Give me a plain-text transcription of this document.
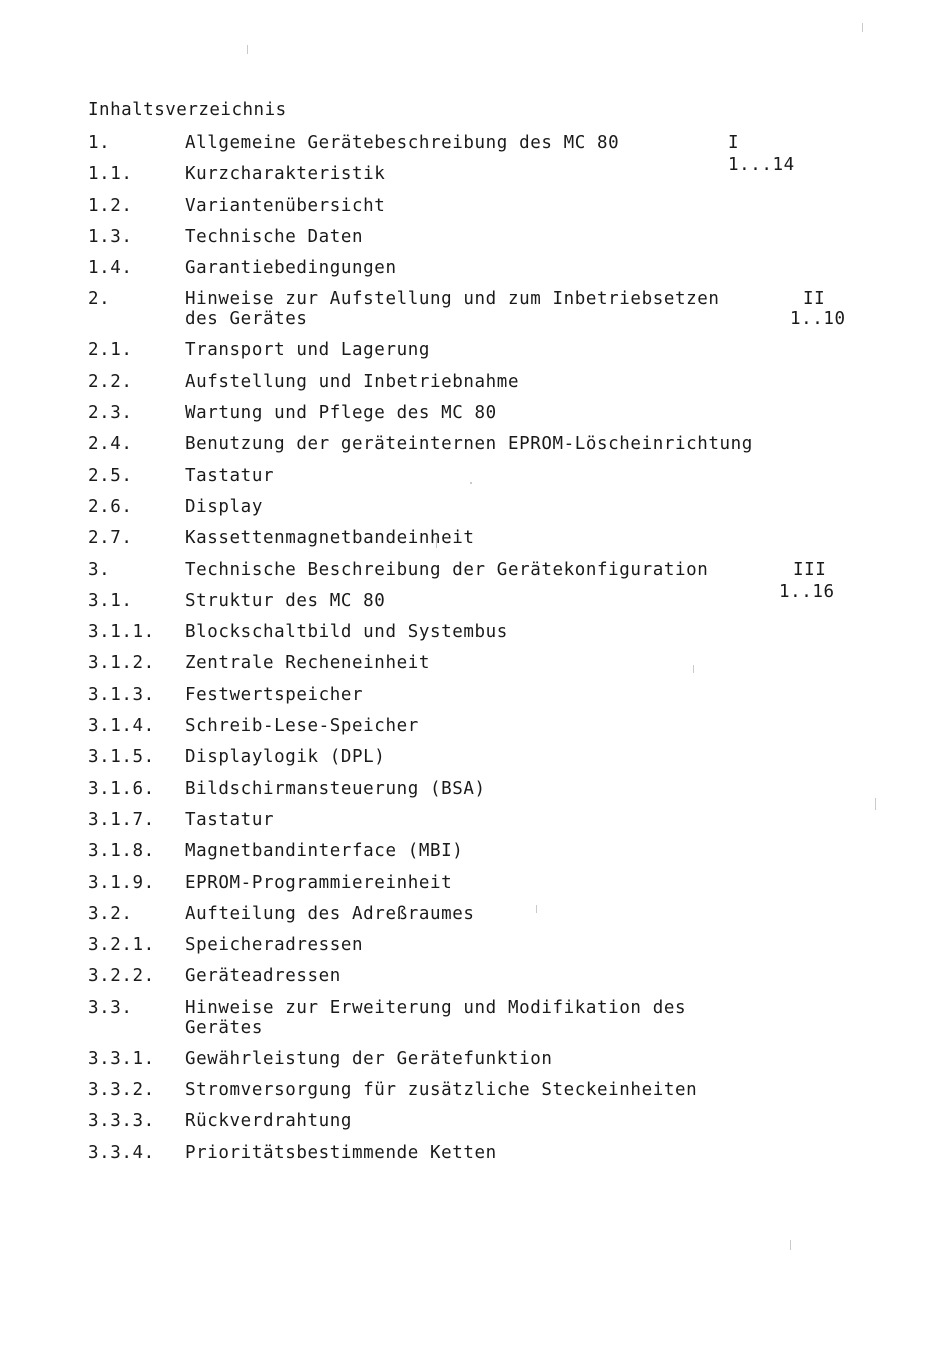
Inhaltsverzeichnis
1.	Allgemeine Gerätebeschreibung des MC 80	I
1...14
1.1.	Kurzcharakteristik
1.2.	Variantenübersicht
1.3.	Technische Daten
1.4.	Garantiebedingungen
2.	Hinweise zur Aufstellung und zum Inbetriebsetzen
des Gerätes
II
1..10
2.1.	Transport und Lagerung
2.2.	Aufstellung und Inbetriebnahme
2.3.	Wartung und Pflege des MC 80
2.4.	Benutzung der geräteinternen EPROM-Löscheinrichtung
2.5.	Tastatur
2.6.	Display
2.7.	Kassettenmagnetbandeinheit
3.	Technische Beschreibung der Gerätekonfiguration	III
1..16
3.1.	Struktur des MC 80
3.1.1.	Blockschaltbild und Systembus
3.1.2.	Zentrale Recheneinheit
3.1.3.	Festwertspeicher
3.1.4.	Schreib-Lese-Speicher
3.1.5.	Displaylogik (DPL)
3.1.6.	Bildschirmansteuerung (BSA)
3.1.7.	Tastatur
3.1.8.	Magnetbandinterface (MBI)
3.1.9.	EPROM-Programmiereinheit
3.2.	Aufteilung des Adreßraumes
3.2.1.	Speicheradressen
3.2.2.	Geräteadressen
3.3.	Hinweise zur Erweiterung und Modifikation des
Gerätes
3.3.1.	Gewährleistung der Gerätefunktion
3.3.2.	Stromversorgung für zusätzliche Steckeinheiten
3.3.3.	Rückverdrahtung
3.3.4.	Prioritätsbestimmende Ketten
